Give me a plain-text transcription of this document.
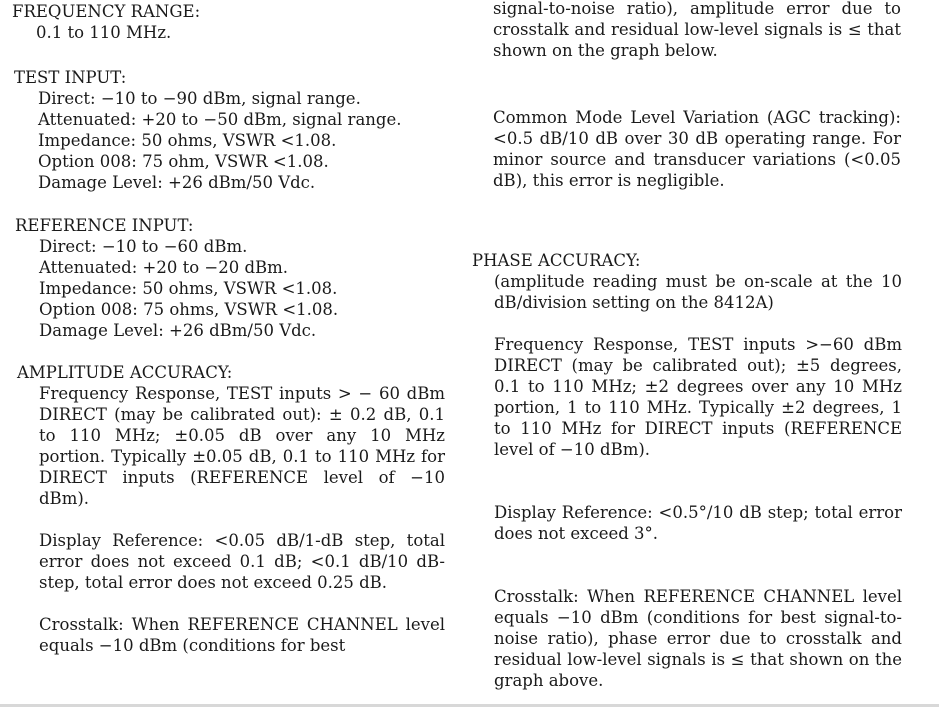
FREQUENCY RANGE:
0.1 to 110 MHz.
TEST INPUT:
Direct: −10 to −90 dBm, signal range.
Attenuated: +20 to −50 dBm, signal range.
Impedance: 50 ohms, VSWR <1.08.
Option 008: 75 ohm, VSWR <1.08.
Damage Level: +26 dBm/50 Vdc.
REFERENCE INPUT:
Direct: −10 to −60 dBm.
Attenuated: +20 to −20 dBm.
Impedance: 50 ohms, VSWR <1.08.
Option 008: 75 ohms, VSWR <1.08.
Damage Level: +26 dBm/50 Vdc.
AMPLITUDE ACCURACY:

Frequency Response, TEST inputs > − 60 dBm DIRECT (may be calibrated out): ± 0.2 dB, 0.1 to 110 MHz; ±0.05 dB over any 10 MHz portion. Typically ±0.05 dB, 0.1 to 110 MHz for DIRECT inputs (REFERENCE level of −10 dBm).

Display Reference: <0.05 dB/1-dB step, total error does not exceed 0.1 dB; <0.1 dB/10 dB-step, total error does not exceed 0.25 dB.

Crosstalk: When REFERENCE CHANNEL level equals −10 dBm (conditions for best

signal-to-noise ratio), amplitude error due to crosstalk and residual low-level signals is ≤ that shown on the graph below.

Common Mode Level Variation (AGC tracking): <0.5 dB/10 dB over 30 dB operating range. For minor source and transducer variations (<0.05 dB), this error is negligible.

PHASE ACCURACY:

(amplitude reading must be on-scale at the 10 dB/division setting on the 8412A)

Frequency Response, TEST inputs >−60 dBm DIRECT (may be calibrated out); ±5 degrees, 0.1 to 110 MHz; ±2 degrees over any 10 MHz portion, 1 to 110 MHz. Typically ±2 degrees, 1 to 110 MHz for DIRECT inputs (REFERENCE level of −10 dBm).

Display Reference: <0.5°/10 dB step; total error does not exceed 3°.

Crosstalk: When REFERENCE CHANNEL level equals −10 dBm (conditions for best signal-to-noise ratio), phase error due to crosstalk and residual low-level signals is ≤ that shown on the graph above.
